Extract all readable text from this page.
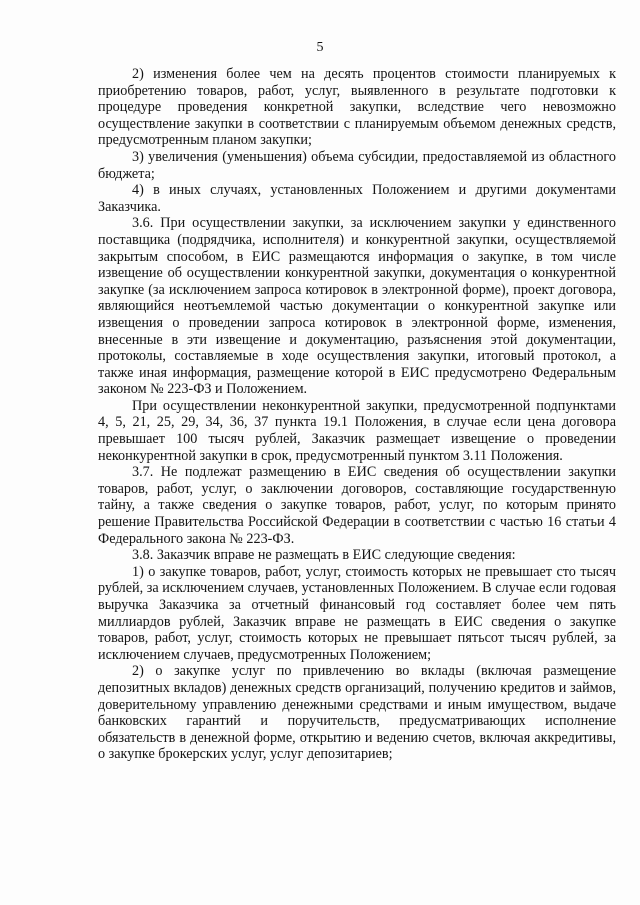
5

2) изменения более чем на десять процентов стоимости планируемых к приобретению товаров, работ, услуг, выявленного в результате подготовки к процедуре проведения конкретной закупки, вследствие чего невозможно осуществление закупки в соответствии с планируемым объемом денежных средств, предусмотренным планом закупки;

3) увеличения (уменьшения) объема субсидии, предоставляемой из областного бюджета;

4) в иных случаях, установленных Положением и другими документами Заказчика.

3.6. При осуществлении закупки, за исключением закупки у единственного поставщика (подрядчика, исполнителя) и конкурентной закупки, осуществляемой закрытым способом, в ЕИС размещаются информация о закупке, в том числе извещение об осуществлении конкурентной закупки, документация о конкурентной закупке (за исключением запроса котировок в электронной форме), проект договора, являющийся неотъемлемой частью документации о конкурентной закупке или извещения о проведении запроса котировок в электронной форме, изменения, внесенные в эти извещение и документацию, разъяснения этой документации, протоколы, составляемые в ходе осуществления закупки, итоговый протокол, а также иная информация, размещение которой в ЕИС предусмотрено Федеральным законом № 223-ФЗ и Положением.

При осуществлении неконкурентной закупки, предусмотренной подпунктами 4, 5, 21, 25, 29, 34, 36, 37 пункта 19.1 Положения, в случае если цена договора превышает 100 тысяч рублей, Заказчик размещает извещение о проведении неконкурентной закупки в срок, предусмотренный пунктом 3.11 Положения.

3.7. Не подлежат размещению в ЕИС сведения об осуществлении закупки товаров, работ, услуг, о заключении договоров, составляющие государственную тайну, а также сведения о закупке товаров, работ, услуг, по которым принято решение Правительства Российской Федерации в соответствии с частью 16 статьи 4 Федерального закона № 223-ФЗ.

3.8. Заказчик вправе не размещать в ЕИС следующие сведения:

1) о закупке товаров, работ, услуг, стоимость которых не превышает сто тысяч рублей, за исключением случаев, установленных Положением. В случае если годовая выручка Заказчика за отчетный финансовый год составляет более чем пять миллиардов рублей, Заказчик вправе не размещать в ЕИС сведения о закупке товаров, работ, услуг, стоимость которых не превышает пятьсот тысяч рублей, за исключением случаев, предусмотренных Положением;

2) о закупке услуг по привлечению во вклады (включая размещение депозитных вкладов) денежных средств организаций, получению кредитов и займов, доверительному управлению денежными средствами и иным имуществом, выдаче банковских гарантий и поручительств, предусматривающих исполнение обязательств в денежной форме, открытию и ведению счетов, включая аккредитивы, о закупке брокерских услуг, услуг депозитариев;
